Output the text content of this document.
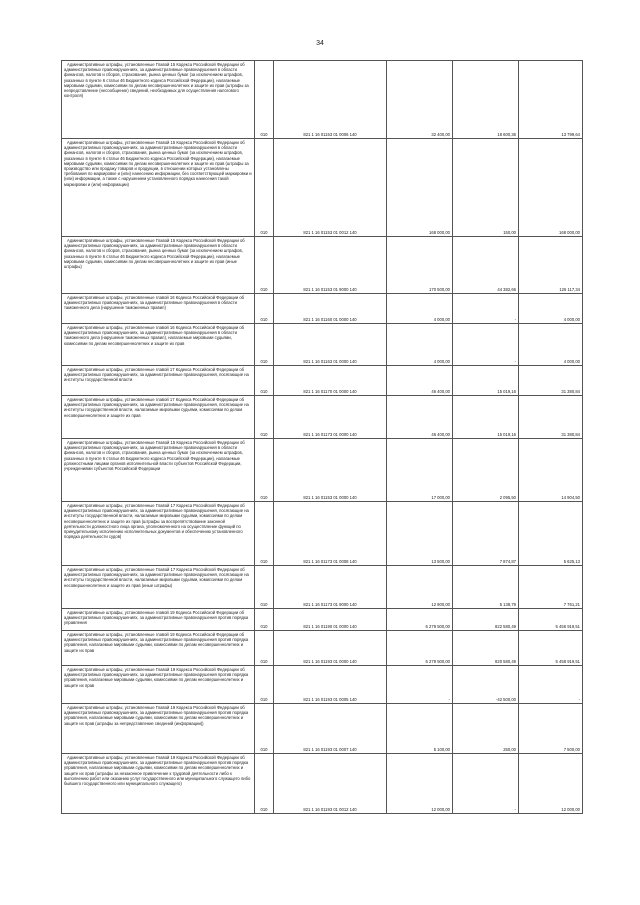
34
Административные штрафы, установленные Главой 15 Кодекса Российской Федерации об административных правонарушениях, за административные правонарушения в области финансов, налогов и сборов, страхования, рынка ценных бумаг (за исключением штрафов, указанных в пункте 6 статьи 46 Бюджетного кодекса Российской Федерации), налагаемые мировыми судьями, комиссиями по делам несовершеннолетних и защите их прав (штрафы за непредставление (несообщение) сведений, необходимых для осуществления налогового контроля)	010	821 1 16 01153 01 0006 140	32 400,00	18 600,36	13 799,64

Административные штрафы, установленные Главой 15 Кодекса Российской Федерации об административных правонарушениях, за административные правонарушения в области финансов, налогов и сборов, страхования, рынка ценных бумаг (за исключением штрафов, указанных в пункте 6 статьи 46 Бюджетного кодекса Российской Федерации), налагаемые мировыми судьями, комиссиями по делам несовершеннолетних и защите их прав (штрафы за производство или продажу товаров и продукции, в отношении которых установлены требования по маркировке и (или) нанесению информации, без соответствующей маркировки и (или) информации, а также с нарушением установленного порядка нанесения такой маркировки и (или) информации)	010	821 1 16 01153 01 0012 140	168 000,00	150,00	168 000,00

Административные штрафы, установленные Главой 15 Кодекса Российской Федерации об административных правонарушениях, за административные правонарушения в области финансов, налогов и сборов, страхования, рынка ценных бумаг (за исключением штрафов, указанных в пункте 6 статьи 46 Бюджетного кодекса Российской Федерации), налагаемые мировыми судьями, комиссиями по делам несовершеннолетних и защите их прав (иные штрафы)	010	821 1 16 01153 01 9000 140	170 500,00	44 382,66	126 117,34

Административные штрафы, установленные главой 16 Кодекса Российской Федерации об административных правонарушениях, за административные правонарушения в области таможенного дела (нарушение таможенных правил)	010	821 1 16 01160 01 0000 140	4 000,00	-	4 000,00

Административные штрафы, установленные главой 16 Кодекса Российской Федерации об административных правонарушениях, за административные правонарушения в области таможенного дела (нарушение таможенных правил), налагаемые мировыми судьями, комиссиями по делам несовершеннолетних и защите их прав	010	821 1 16 01163 01 0000 140	4 000,00	-	4 000,00

Административные штрафы, установленные главой 17 Кодекса Российской Федерации об административных правонарушениях, за административные правонарушения, посягающие на институты государственной власти	010	821 1 16 01170 01 0000 140	46 400,00	15 019,16	31 380,84

Административные штрафы, установленные главой 17 Кодекса Российской Федерации об административных правонарушениях, за административные правонарушения, посягающие на институты государственной власти, налагаемые мировыми судьями, комиссиями по делам несовершеннолетних и защите их прав	010	821 1 16 01173 01 0000 140	46 400,00	15 019,16	31 380,84

Административные штрафы, установленные Главой 15 Кодекса Российской Федерации об административных правонарушениях, за административные правонарушения в области финансов, налогов и сборов, страхования, рынка ценных бумаг (за исключением штрафов, указанных в пункте 6 статьи 46 Бюджетного кодекса Российской Федерации), налагаемые должностными лицами органов исполнительной власти субъектов Российской Федерации, учреждениями субъектов Российской Федерации	010	821 1 16 01153 01 0000 140	17 000,00	2 095,50	14 904,50

Административные штрафы, установленные Главой 17 Кодекса Российской Федерации об административных правонарушениях, за административные правонарушения, посягающие на институты государственной власти, налагаемые мировыми судьями, комиссиями по делам несовершеннолетних и защите их прав (штрафы за воспрепятствование законной деятельности должностного лица органа, уполномоченного на осуществление функций по принудительному исполнению исполнительных документов и обеспечению установленного порядка деятельности судов)	010	821 1 16 01173 01 0008 140	13 500,00	7 874,87	5 625,13

Административные штрафы, установленные Главой 17 Кодекса Российской Федерации об административных правонарушениях, за административные правонарушения, посягающие на институты государственной власти, налагаемые мировыми судьями, комиссиями по делам несовершеннолетних и защите их прав (иные штрафы)	010	821 1 16 01173 01 9000 140	12 900,00	5 138,79	7 761,21

Административные штрафы, установленные главой 19 Кодекса Российской Федерации об административных правонарушениях, за административные правонарушения против порядка управления	010	821 1 16 01190 01 0000 140	6 279 500,00	822 580,49	5 456 919,51

Административные штрафы, установленные главой 19 Кодекса Российской Федерации об административных правонарушениях, за административные правонарушения против порядка управления, налагаемые мировыми судьями, комиссиями по делам несовершеннолетних и защите их прав	010	821 1 16 01193 01 0000 140	6 279 500,00	820 580,49	5 458 919,51

Административные штрафы, установленные Главой 19 Кодекса Российской Федерации об административных правонарушениях, за административные правонарушения против порядка управления, налагаемые мировыми судьями, комиссиями по делам несовершеннолетних и защите их прав	010	821 1 16 01193 01 0005 140	-	-42 500,00	-

Административные штрафы, установленные Главой 19 Кодекса Российской Федерации об административных правонарушениях, за административные правонарушения против порядка управления, налагаемые мировыми судьями, комиссиями по делам несовершеннолетних и защите их прав (штрафы за непредставление сведений (информации))	010	821 1 16 01193 01 0007 140	5 100,00	250,00	7 500,00

Административные штрафы, установленные Главой 19 Кодекса Российской Федерации об административных правонарушениях, за административные правонарушения против порядка управления, налагаемые мировыми судьями, комиссиями по делам несовершеннолетних и защите их прав (штрафы за незаконное привлечение к трудовой деятельности либо к выполнению работ или оказанию услуг государственного или муниципального служащего либо бывшего государственного или муниципального служащего)	010	821 1 16 01193 01 0012 140	12 000,00	-	12 000,00
